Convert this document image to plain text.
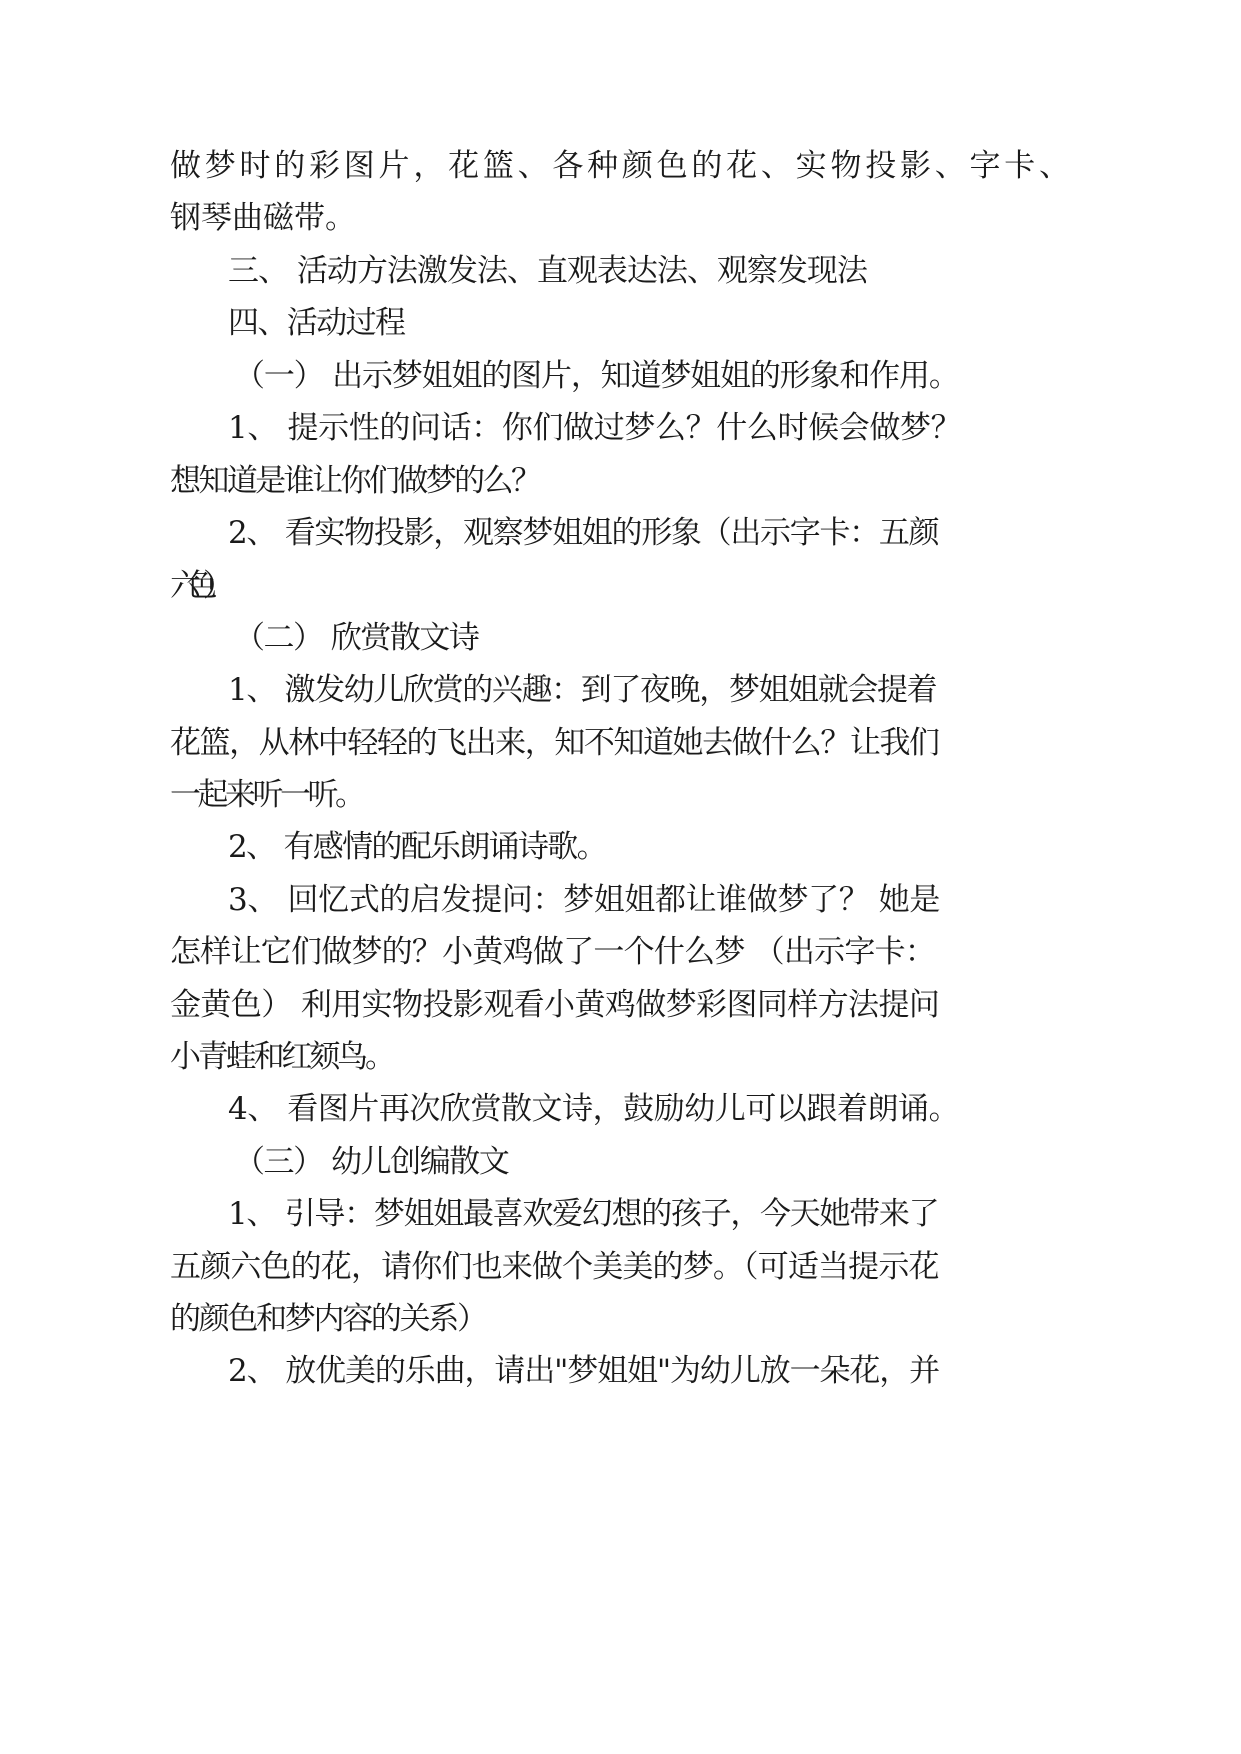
做梦时的彩图片，花篮、各种颜色的花、实物投影、字卡、
钢琴曲磁带。
三、 活动方法激发法、直观表达法、观察发现法
四、活动过程
（一） 出示梦姐姐的图片，知道梦姐姐的形象和作用。
1、 提示性的问话：你们做过梦么？什么时候会做梦？
想知道是谁让你们做梦的么？
2、 看实物投影，观察梦姐姐的形象（出示字卡：五颜
六色）
（二） 欣赏散文诗
1、 激发幼儿欣赏的兴趣：到了夜晚，梦姐姐就会提着
花篮，从林中轻轻的飞出来，知不知道她去做什么？让我们
一起来听一听。
2、 有感情的配乐朗诵诗歌。
3、 回忆式的启发提问：梦姐姐都让谁做梦了？ 她是
怎样让它们做梦的？小黄鸡做了一个什么梦 （出示字卡：
金黄色） 利用实物投影观看小黄鸡做梦彩图同样方法提问
小青蛙和红颏鸟。
4、 看图片再次欣赏散文诗，鼓励幼儿可以跟着朗诵。
（三） 幼儿创编散文
1、 引导：梦姐姐最喜欢爱幻想的孩子，今天她带来了
五颜六色的花，请你们也来做个美美的梦。（可适当提示花
的颜色和梦内容的关系）
2、 放优美的乐曲，请出"梦姐姐"为幼儿放一朵花，并
